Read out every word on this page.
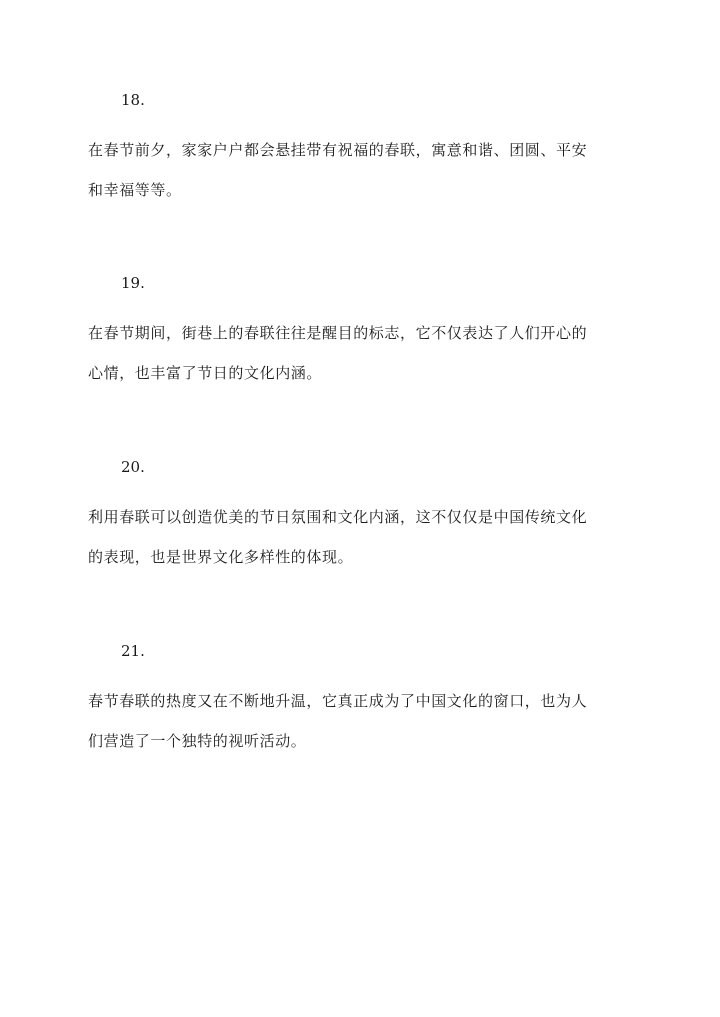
18.
在春节前夕，家家户户都会悬挂带有祝福的春联，寓意和谐、团圆、平安
和幸福等等。
19.
在春节期间，街巷上的春联往往是醒目的标志，它不仅表达了人们开心的
心情，也丰富了节日的文化内涵。
20.
利用春联可以创造优美的节日氛围和文化内涵，这不仅仅是中国传统文化
的表现，也是世界文化多样性的体现。
21.
春节春联的热度又在不断地升温，它真正成为了中国文化的窗口，也为人
们营造了一个独特的视听活动。
